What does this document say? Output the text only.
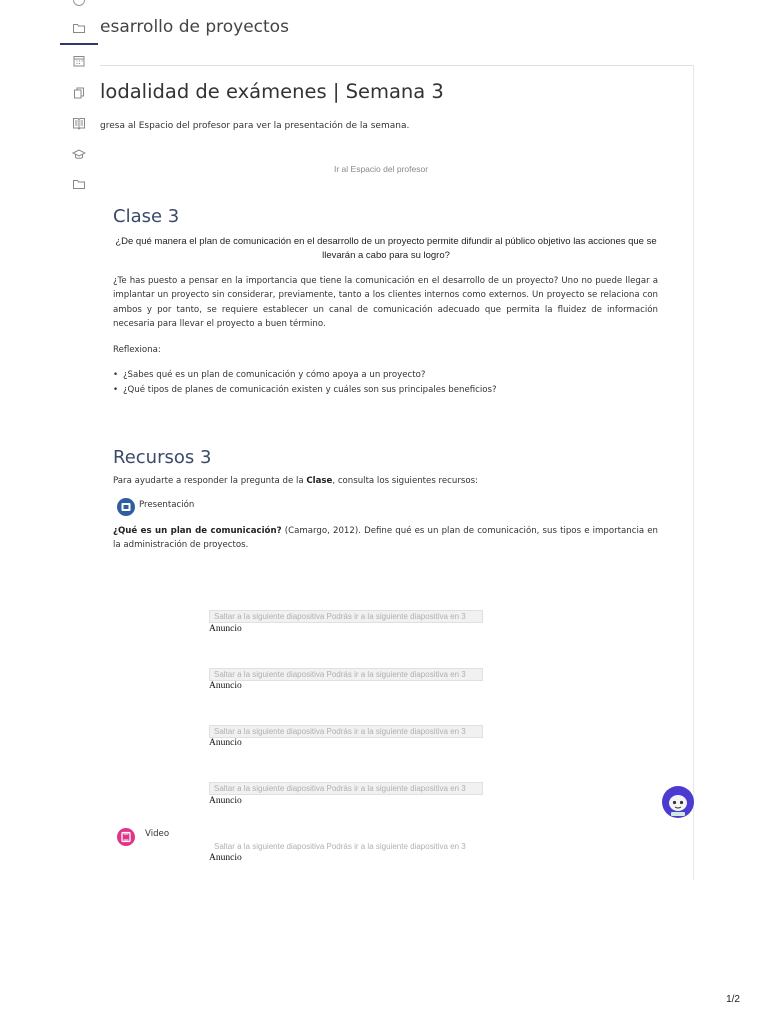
esarrollo de proyectos
lodalidad de exámenes | Semana 3
gresa al Espacio del profesor para ver la presentación de la semana.
Ir al Espacio del profesor
Clase 3
¿De qué manera el plan de comunicación en el desarrollo de un proyecto permite difundir al público objetivo las acciones que se llevarán a cabo para su logro?
¿Te has puesto a pensar en la importancia que tiene la comunicación en el desarrollo de un proyecto? Uno no puede llegar a implantar un proyecto sin considerar, previamente, tanto a los clientes internos como externos. Un proyecto se relaciona con ambos y por tanto, se requiere establecer un canal de comunicación adecuado que permita la fluidez de información necesaria para llevar el proyecto a buen término.
Reflexiona:
• ¿Sabes qué es un plan de comunicación y cómo apoya a un proyecto?
• ¿Qué tipos de planes de comunicación existen y cuáles son sus principales beneficios?
Recursos 3
Para ayudarte a responder la pregunta de la Clase, consulta los siguientes recursos:
Presentación
¿Qué es un plan de comunicación? (Camargo, 2012). Define qué es un plan de comunicación, sus tipos e importancia en la administración de proyectos.
Saltar a la siguiente diapositiva Podrás ir a la siguiente diapositiva en 3
Anuncio
Saltar a la siguiente diapositiva Podrás ir a la siguiente diapositiva en 3
Anuncio
Saltar a la siguiente diapositiva Podrás ir a la siguiente diapositiva en 3
Anuncio
Saltar a la siguiente diapositiva Podrás ir a la siguiente diapositiva en 3
Anuncio
Video
Saltar a la siguiente diapositiva Podrás ir a la siguiente diapositiva en 3
Anuncio
1/2
